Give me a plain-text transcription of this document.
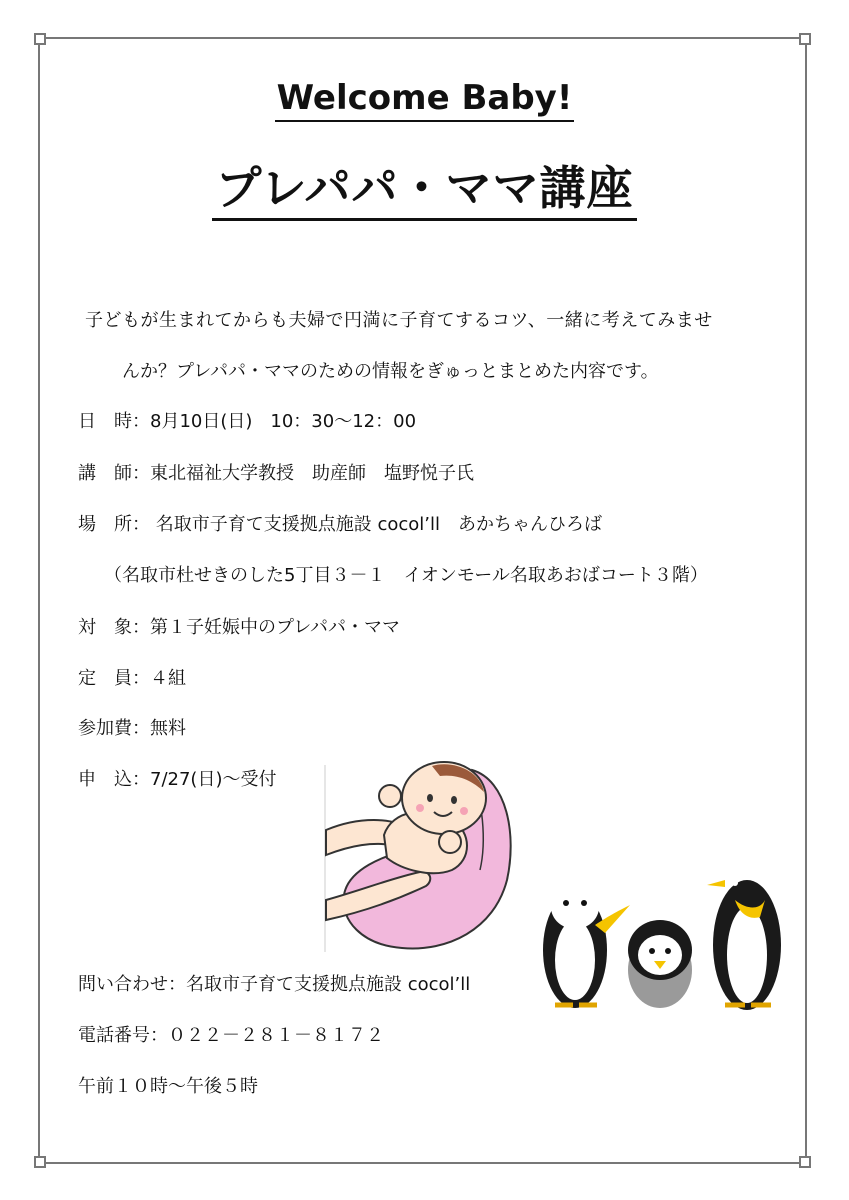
Welcome Baby!
プレパパ・ママ講座
子どもが生まれてからも夫婦で円満に子育てするコツ、一緒に考えてみませ
んか？プレパパ・ママのための情報をぎゅっとまとめた内容です。
日　時：8月10日(日)　10：30～12：00
講　師：東北福祉大学教授　助産師　塩野悦子氏
場　所： 名取市子育て支援拠点施設 cocol’ll　あかちゃんひろば
（名取市杜せきのした5丁目３－１　イオンモール名取あおばコート３階）
対　象：第１子妊娠中のプレパパ・ママ
定　員：４組
参加費：無料
申　込：7/27(日)～受付
問い合わせ：名取市子育て支援拠点施設 cocol’ll
電話番号：０２２－２８１－８１７２
午前１０時～午後５時
